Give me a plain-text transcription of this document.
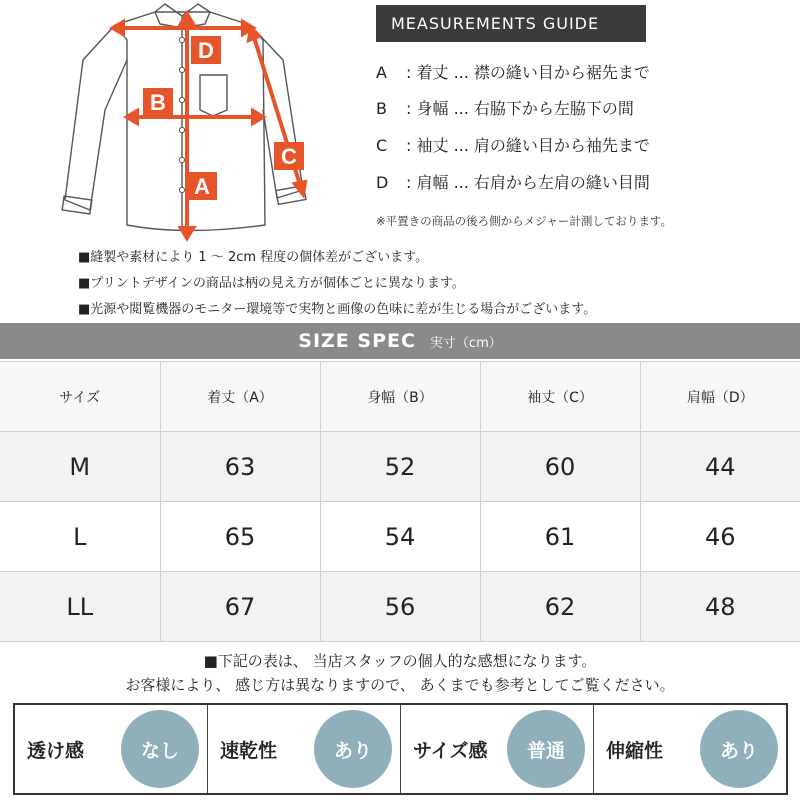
D
B
C
A
MEASUREMENTS GUIDE
A : 着丈 ... 襟の縫い目から裾先まで
B : 身幅 ... 右脇下から左脇下の間
C : 袖丈 ... 肩の縫い目から袖先まで
D : 肩幅 ... 右肩から左肩の縫い目間
※平置きの商品の後ろ側からメジャー計測しております。
■縫製や素材により 1 ～ 2cm 程度の個体差がございます。
■プリントデザインの商品は柄の見え方が個体ごとに異なります。
■光源や閲覧機器のモニター環境等で実物と画像の色味に差が生じる場合がございます。
SIZE SPEC 実寸（cm）
サイズ	着丈（A）	身幅（B）	袖丈（C）	肩幅（D）
M	63	52	60	44
L	65	54	61	46
LL	67	56	62	48
■下記の表は、 当店スタッフの個人的な感想になります。
お客様により、 感じ方は異なりますので、 あくまでも参考としてご覧ください。
透け感	なし	速乾性	あり	サイズ感	普通	伸縮性	あり
